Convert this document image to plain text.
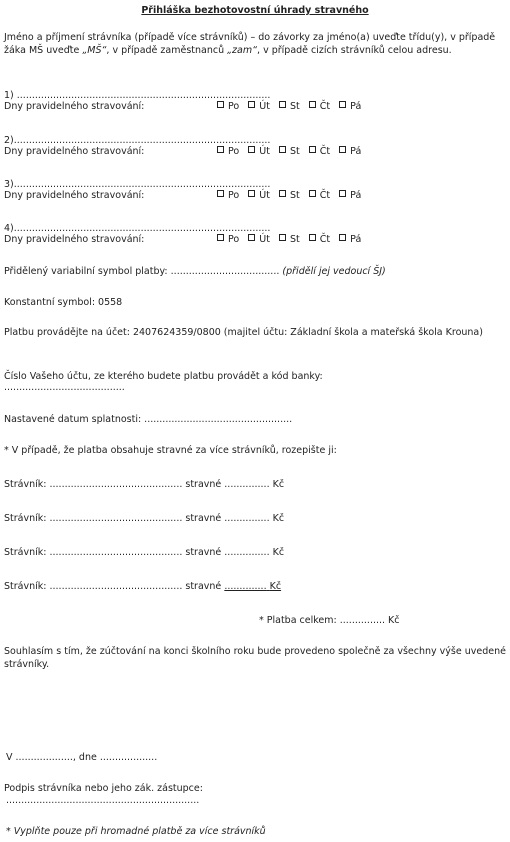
Přihláška bezhotovostní úhrady stravného
Jméno a příjmení strávníka (případě více strávníků) – do závorky za jméno(a) uveďte třídu(y), v případě žáka MŠ uveďte „MŠ“, v případě zaměstnanců „zam“, v případě cizích strávníků celou adresu.
1) ....................................................................................
Dny pravidelného stravování:	Po Út St Čt Pá
2).....................................................................................
Dny pravidelného stravování:	Po Út St Čt Pá
3).....................................................................................
Dny pravidelného stravování:	Po Út St Čt Pá
4).....................................................................................
Dny pravidelného stravování:	Po Út St Čt Pá
Přidělený variabilní symbol platby: .................................... (přidělí jej vedoucí ŠJ)
Konstantní symbol: 0558
Platbu provádějte na účet: 2407624359/0800 (majitel účtu: Základní škola a mateřská škola Krouna)
Číslo Vašeho účtu, ze kterého budete platbu provádět a kód banky:
........................................
Nastavené datum splatnosti: .................................................
* V případě, že platba obsahuje stravné za více strávníků, rozepište ji:
Strávník: ............................................ stravné ............... Kč
Strávník: ............................................ stravné ............... Kč
Strávník: ............................................ stravné ............... Kč
Strávník: ............................................ stravné .............. Kč
* Platba celkem: ............... Kč
Souhlasím s tím, že zúčtování na konci školního roku bude provedeno společně za všechny výše uvedené strávníky.
V ..................., dne ...................
Podpis strávníka nebo jeho zák. zástupce:
................................................................
* Vyplňte pouze při hromadné platbě za více strávníků
